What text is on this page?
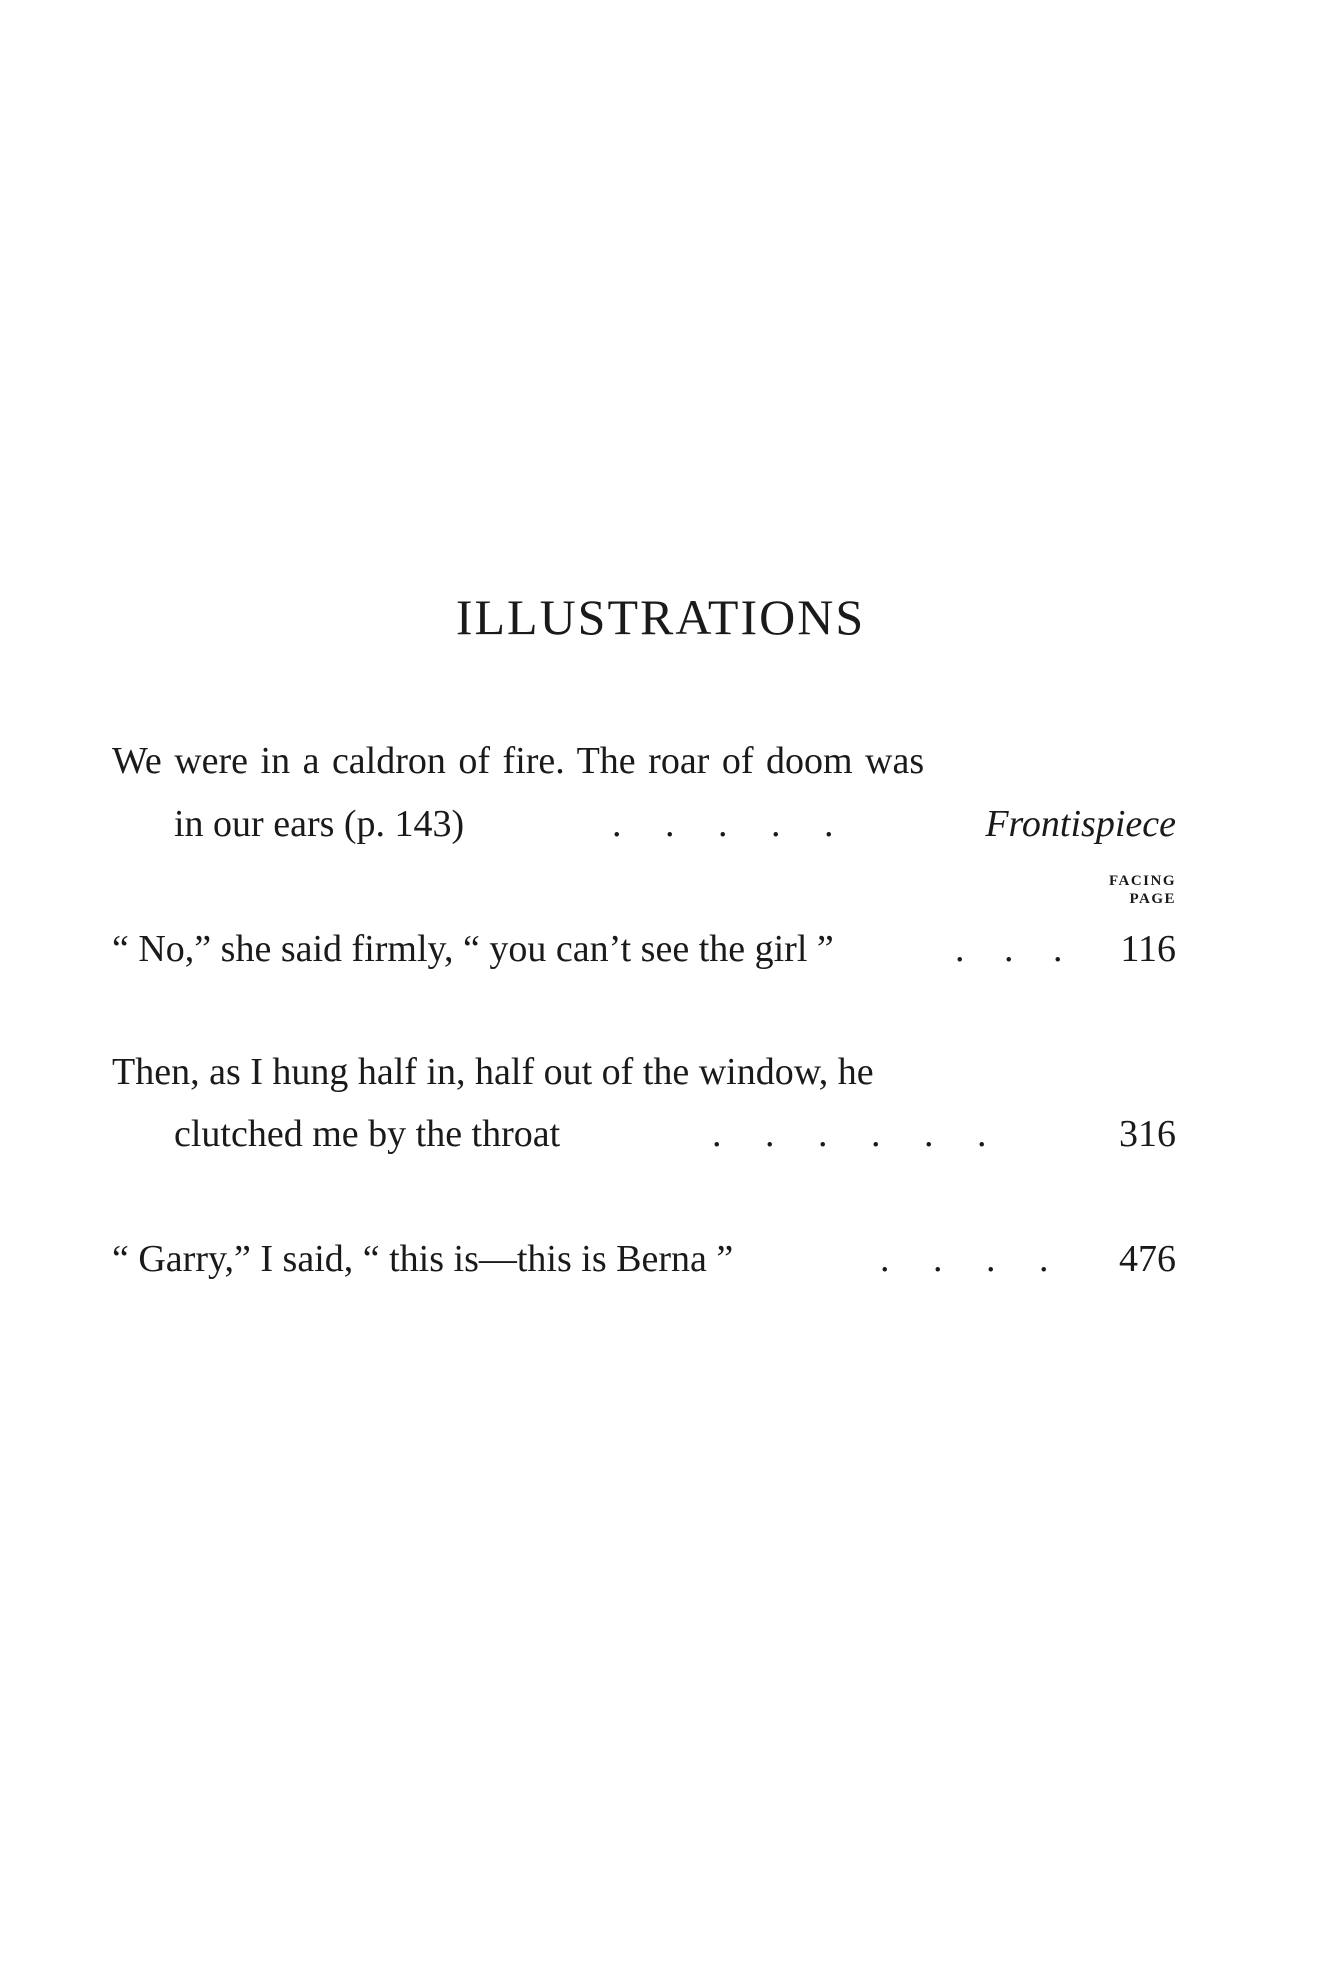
ILLUSTRATIONS
We were in a caldron of fire. The roar of doom was
in our ears (p. 143)	. . . . .	Frontispiece
FACING
PAGE
“ No,” she said firmly, “ you can’t see the girl ”	. . . 116
Then, as I hung half in, half out of the window, he
clutched me by the throat	. . . . . .	316
“ Garry,” I said, “ this is—this is Berna ”	. . . . 476
